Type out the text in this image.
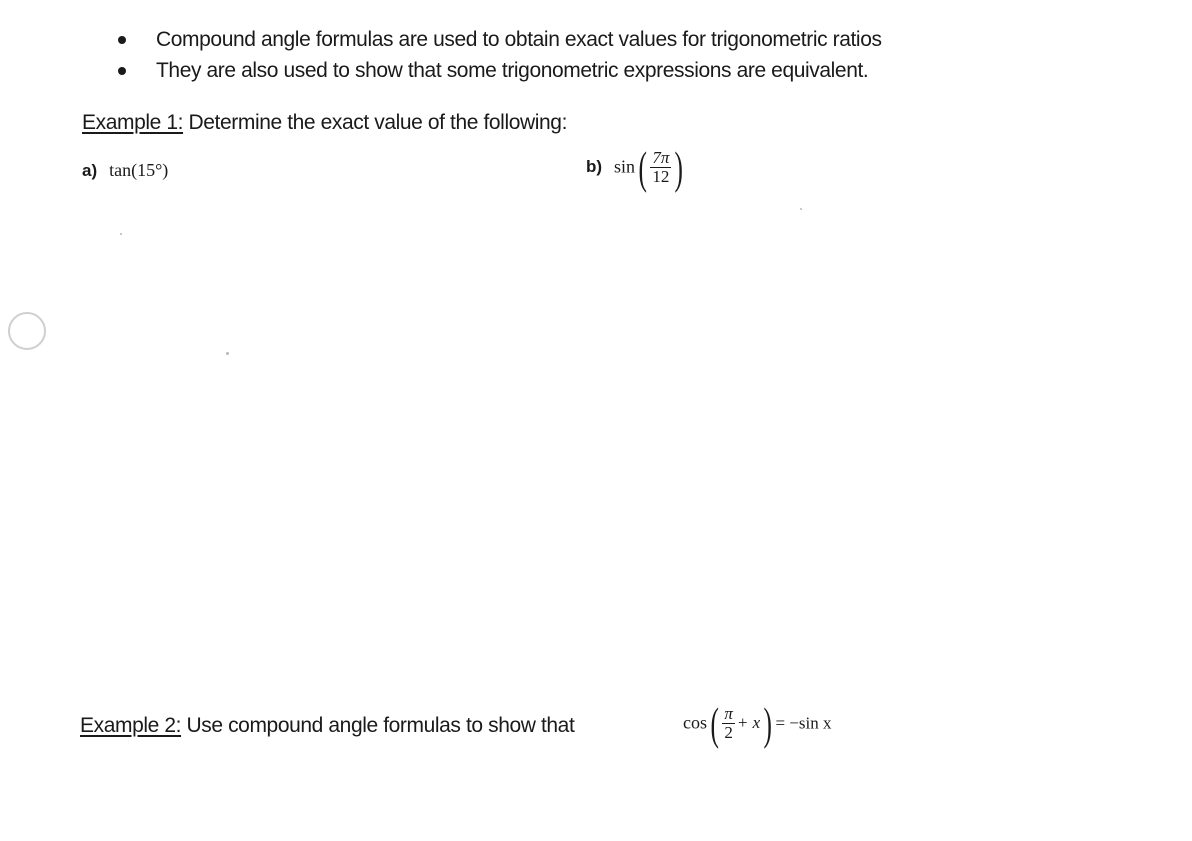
Compound angle formulas are used to obtain exact values for trigonometric ratios
They are also used to show that some trigonometric expressions are equivalent.
Example 1: Determine the exact value of the following:
a) tan(15°)	b) $\sin( \frac{7\pi}{12}$ )
Example 2: Use compound angle formulas to show that	$\cos( \frac{\pi}{2} + x) = -\sin$ x
